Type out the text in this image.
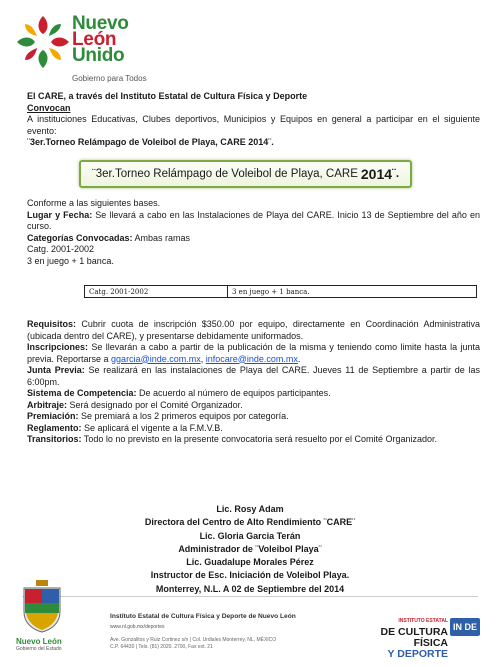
Nuevo
León
Unido
Gobierno para Todos
El CARE, a través del Instituto Estatal de Cultura Física y Deporte
Convocan
A instituciones Educativas, Clubes deportivos, Municipios y Equipos en general a participar en el siguiente evento:
¨3er.Torneo Relámpago de Voleibol de Playa, CARE 2014¨.
¨3er.Torneo Relámpago de Voleibol de Playa, CARE 2014 ¨.
Conforme a las siguientes bases.
Lugar y Fecha: Se llevará a cabo en las Instalaciones de Playa del CARE. Inicio 13 de Septiembre del año en curso.
Categorías Convocadas: Ambas ramas
Catg. 2001-2002
3 en juego + 1 banca.
Catg. 2001-2002	3 en juego + 1 banca.
Requisitos: Cubrir cuota de inscripción $350.00 por equipo, directamente en Coordinación Administrativa (ubicada dentro del CARE), y presentarse debidamente uniformados.
Inscripciones: Se llevarán a cabo a partir de la publicación de la misma y teniendo como limite hasta la junta previa. Reportarse a ggarcia@inde.com.mx, infocare@inde.com.mx.
Junta Previa: Se realizará en las instalaciones de Playa del CARE. Jueves 11 de Septiembre a partir de las 6:00pm.
Sistema de Competencia: De acuerdo al número de equipos participantes.
Arbitraje: Será designado por el Comité Organizador.
Premiación: Se premiará a los 2 primeros equipos por categoría.
Reglamento: Se aplicará el vigente a la F.M.V.B.
Transitorios: Todo lo no previsto en la presente convocatoria será resuelto por el Comité Organizador.
Lic. Rosy Adam
Directora del Centro de Alto Rendimiento ¨CARE¨
Lic. Gloria Garcia Terán
Administrador de ¨Voleibol Playa¨
Lic. Guadalupe Morales Pérez
Instructor de Esc. Iniciación de Voleibol Playa.
Monterrey, N.L. A 02 de Septiembre del 2014
Nuevo León
Gobierno del Estado
Instituto Estatal de Cultura Física y Deporte de Nuevo León
www.nl.gob.mx/deportes
Ave. Gonzalitos y Ruiz Cortinez s/n | Col. Urdiales Monterrey, NL, MÉXICO
C.P. 64430 | Tels. (81) 2020. 2700, Fax ext. 21
INSTITUTO ESTATAL
DE CULTURA FÍSICA
Y DEPORTE
IN DE
